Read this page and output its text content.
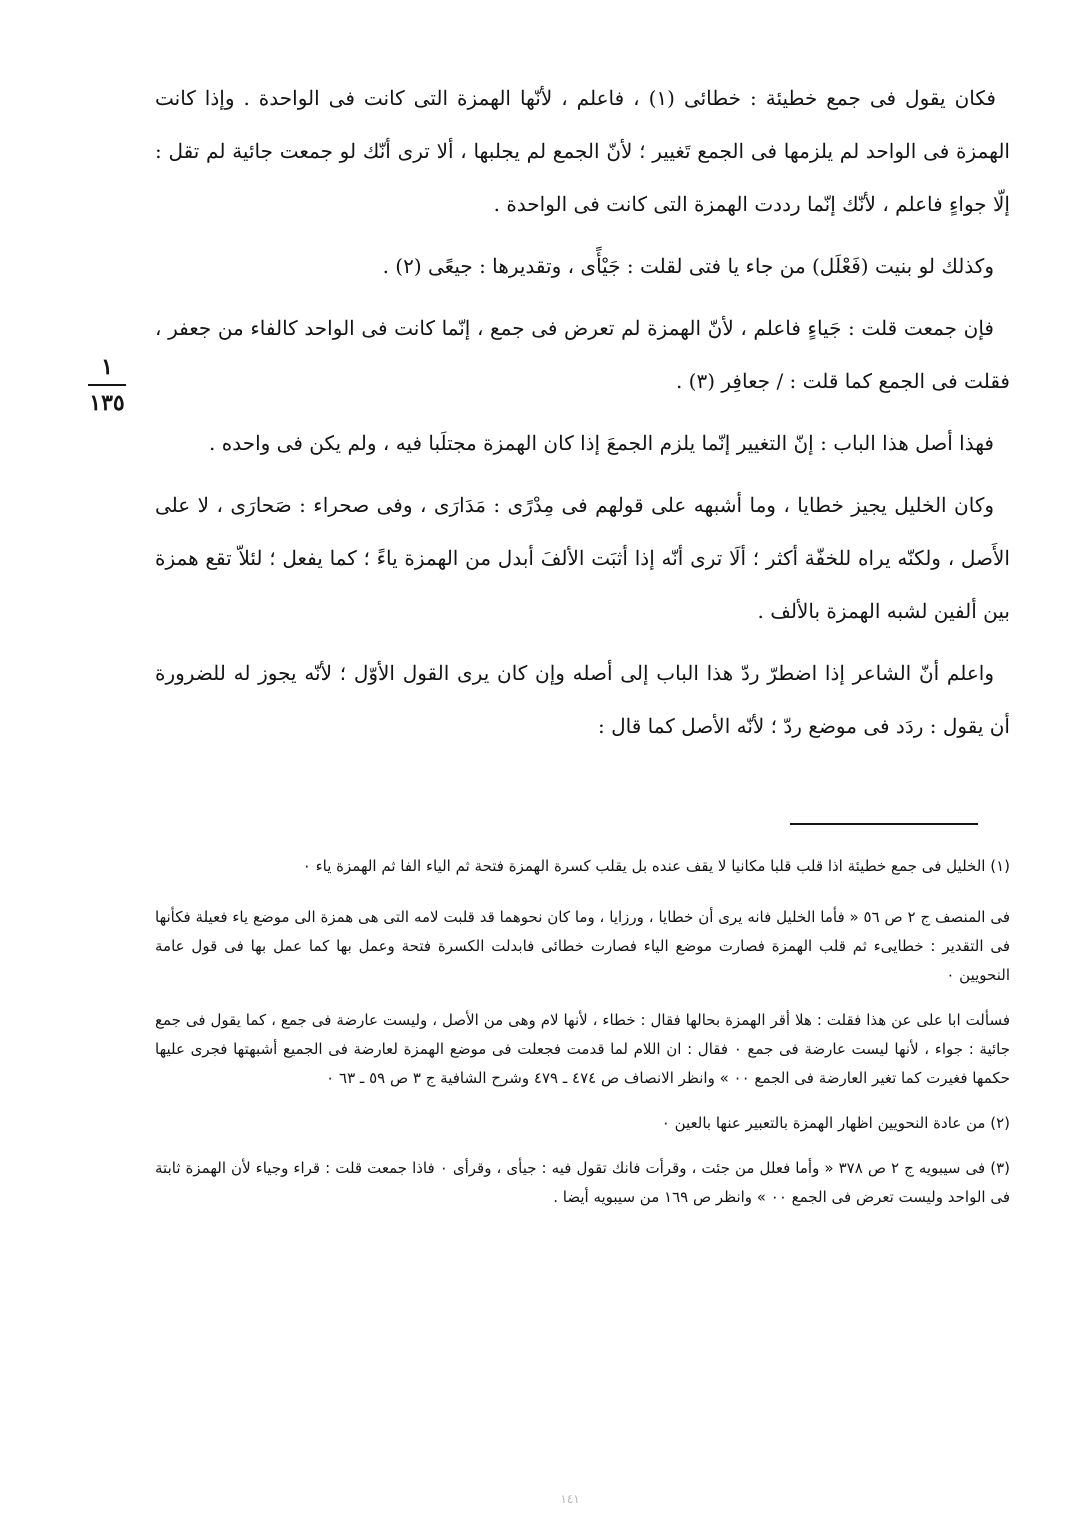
فكان يقول فى جمع خطيئة : خطائى (١) ، فاعلم ، لأنّها الهمزة التى كانت فى الواحدة . وإذا كانت الهمزة فى الواحد لم يلزمها فى الجمع تَغيير ؛ لأنّ الجمع لم يجلبها ، ألا ترى أنّك لو جمعت جائية لم تقل : إلّا جواءٍ فاعلم ، لأنّك إنّما رددت الهمزة التى كانت فى الواحدة .

وكذلك لو بنيت (فَعْلَل) من جاء يا فتى لقلت : جَيْأًى ، وتقديرها : جيعًى (٢) .

فإن جمعت قلت : جَياءٍ فاعلم ، لأنّ الهمزة لم تعرض فى جمع ، إنّما كانت فى الواحد كالفاء من جعفر ، فقلت فى الجمع كما قلت : / جعافِر (٣) .

فهذا أصل هذا الباب : إنّ التغيير إنّما يلزم الجمعَ إذا كان الهمزة مجتلَبا فيه ، ولم يكن فى واحده .

وكان الخليل يجيز خطايا ، وما أشبهه على قولهم فى مِدْرًى : مَدَارَى ، وفى صحراء : صَحارَى ، لا على الأَصل ، ولكنّه يراه للخفّة أكثر ؛ ألَا ترى أنّه إذا أثبَت الألفَ أبدل من الهمزة ياءً ؛ كما يفعل ؛ لئلاّ تقع همزة بين ألفين لشبه الهمزة بالألف .

واعلم أنّ الشاعر إذا اضطرّ ردّ هذا الباب إلى أصله وإن كان يرى القول الأوّل ؛ لأنّه يجوز له للضرورة أن يقول : ردَد فى موضع ردّ ؛ لأنّه الأصل كما قال :

١
١٣٥

(١) الخليل فى جمع خطيئة اذا قلب قلبا مكانيا لا يقف عنده بل يقلب كسرة الهمزة فتحة ثم الياء الفا ثم الهمزة ياء ٠

فى المنصف ج ٢ ص ٥٦ « فأما الخليل فانه يرى أن خطايا ، ورزايا ، وما كان نحوهما قد قلبت لامه التى هى همزة الى موضع ياء فعيلة فكأنها فى التقدير : خطايىء ثم قلب الهمزة فصارت موضع الياء فصارت خطائى فابدلت الكسرة فتحة وعمل بها كما عمل بها فى قول عامة النحويين ٠

فسألت ابا على عن هذا فقلت : هلا أقر الهمزة بحالها فقال : خطاء ، لأنها لام وهى من الأصل ، وليست عارضة فى جمع ، كما يقول فى جمع جائية : جواء ، لأنها ليست عارضة فى جمع ٠ فقال : ان اللام لما قدمت فجعلت فى موضع الهمزة لعارضة فى الجميع أشبهتها فجرى عليها حكمها فغيرت كما تغير العارضة فى الجمع ٠٠ » وانظر الانصاف ص ٤٧٤ ـ ٤٧٩ وشرح الشافية ج ٣ ص ٥٩ ـ ٦٣ ٠

(٢) من عادة النحويين اظهار الهمزة بالتعبير عنها بالعين ٠

(٣) فى سيبويه ج ٢ ص ٣٧٨ « وأما فعلل من جئت ، وقرأت فانك تقول فيه : جيأى ، وقرأى ٠ فاذا جمعت قلت : قراء وجياء لأن الهمزة ثابتة فى الواحد وليست تعرض فى الجمع ٠٠ » وانظر ص ١٦٩ من سيبويه أيضا .

١٤١
